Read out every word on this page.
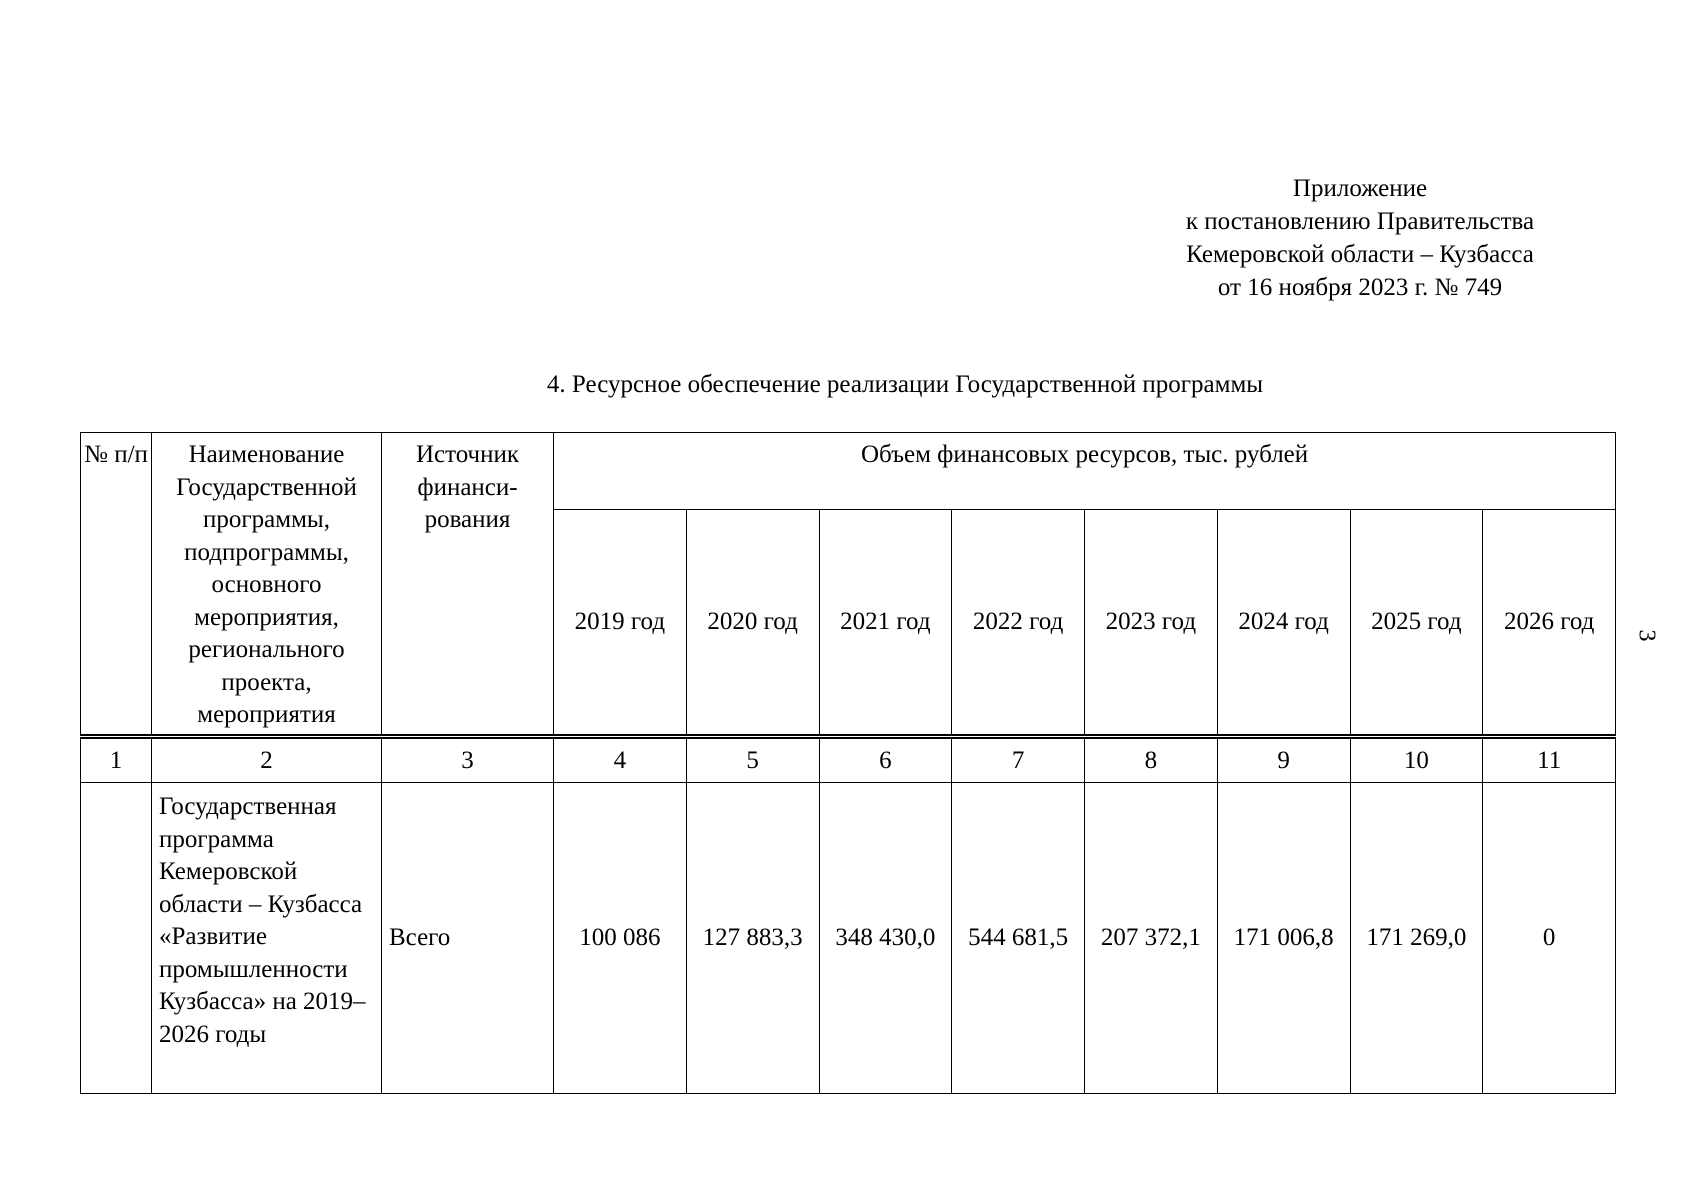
Приложение
к постановлению Правительства
Кемеровской области – Кузбасса
от 16 ноября 2023 г. № 749
3
4. Ресурсное обеспечение реализации Государственной программы
№ п/п	Наименование Государственной программы, подпрограммы, основного мероприятия, регионального проекта, мероприятия	Источник финанси-рования	Объем финансовых ресурсов, тыс. рублей							
			2019 год	2020 год	2021 год	2022 год	2023 год	2024 год	2025 год	2026 год
1	2	3	4	5	6	7	8	9	10	11
	Государственная программа Кемеровской области – Кузбасса «Развитие промышленности Кузбасса» на 2019–2026 годы	Всего	100 086	127 883,3	348 430,0	544 681,5	207 372,1	171 006,8	171 269,0	0
